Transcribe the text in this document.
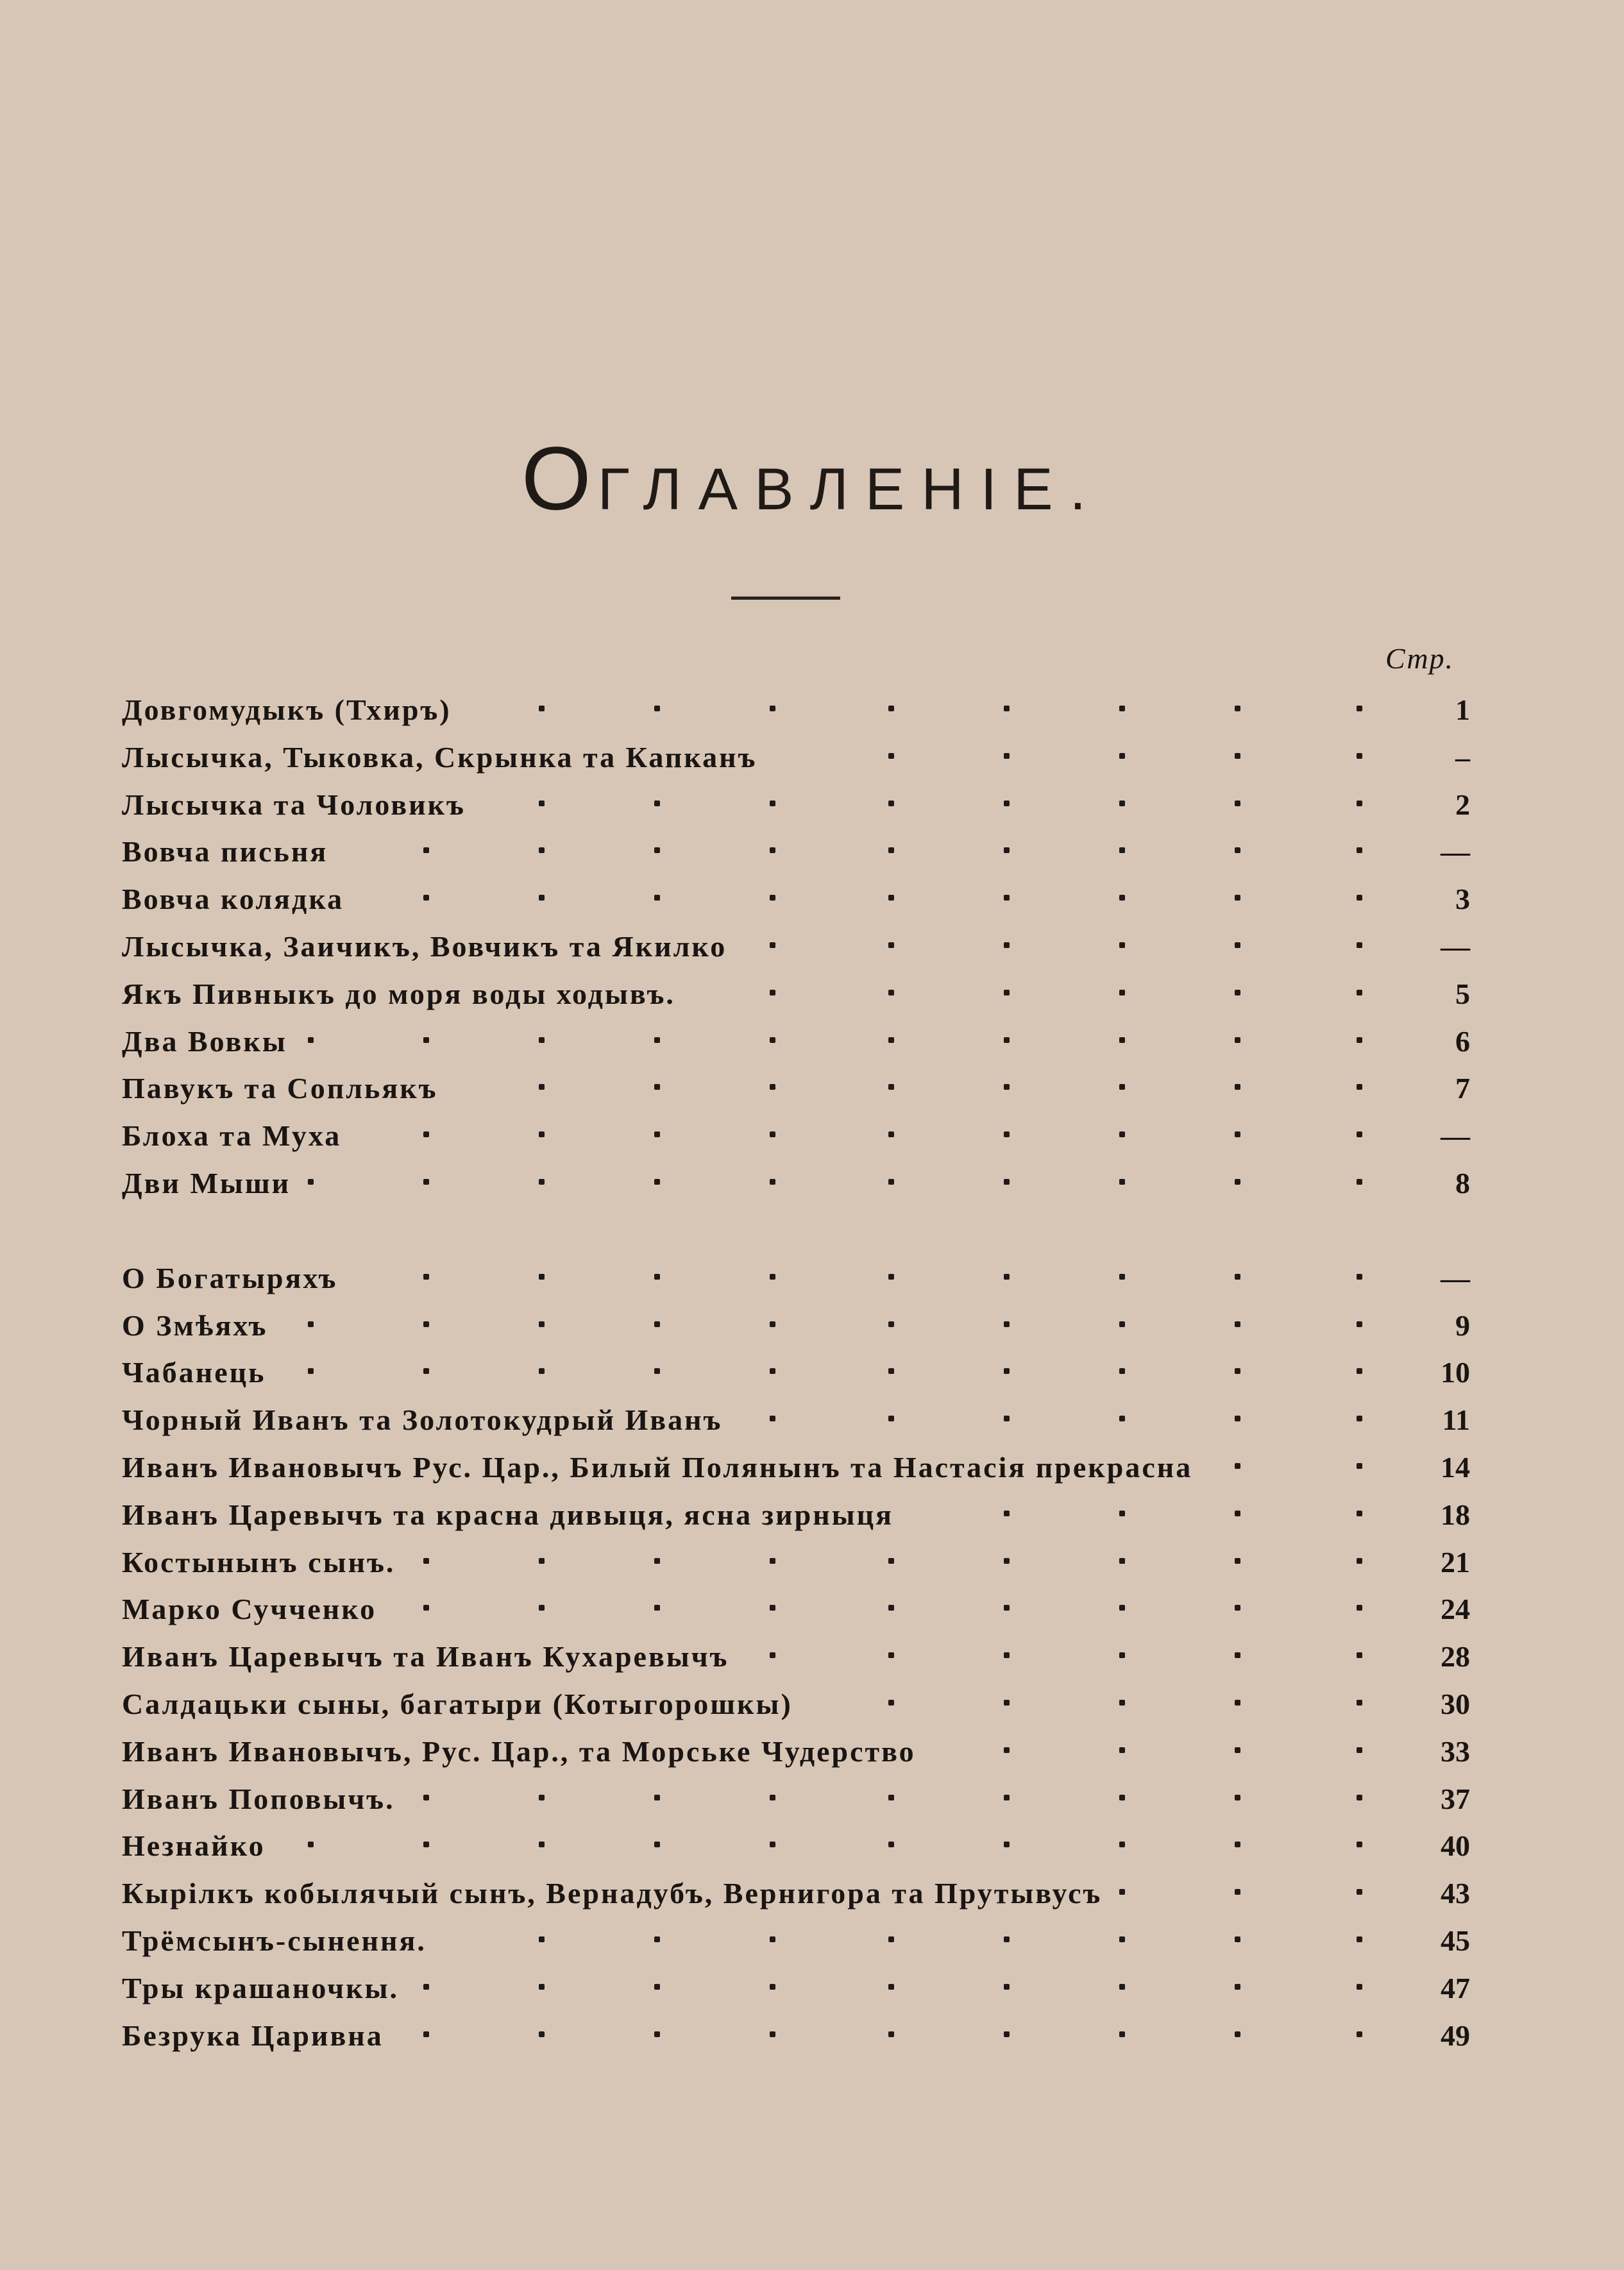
ОГЛАВЛЕНІЕ.
Стр.
Довгомудыкъ (Тхиръ)	1
Лысычка, Тыковка, Скрынка та Капканъ	–
Лысычка та Чоловикъ	2
Вовча письня	—
Вовча колядка	3
Лысычка, Заичикъ, Вовчикъ та Якилко	—
Якъ Пивныкъ до моря воды ходывъ.	5
Два Вовкы	6
Павукъ та Сопльякъ	7
Блоха та Муха	—
Дви Мыши	8
О Богатыряхъ	—
О Змѣяхъ	9
Чабанець	10
Чорный Иванъ та Золотокудрый Иванъ	11
Иванъ Ивановычъ Рус. Цар., Билый Полянынъ та Настасія прекрасна	14
Иванъ Царевычъ та красна дивыця, ясна зирныця	18
Костынынъ сынъ.	21
Марко Сучченко	24
Иванъ Царевычъ та Иванъ Кухаревычъ	28
Салдацьки сыны, багатыри (Котыгорошкы)	30
Иванъ Ивановычъ, Рус. Цар., та Морське Чудерство	33
Иванъ Поповычъ.	37
Незнайко	40
Кырілкъ кобылячый сынъ, Вернадубъ, Вернигора та Прутывусъ	43
Трёмсынъ-сынення.	45
Тры крашаночкы.	47
Безрука Царивна	49
